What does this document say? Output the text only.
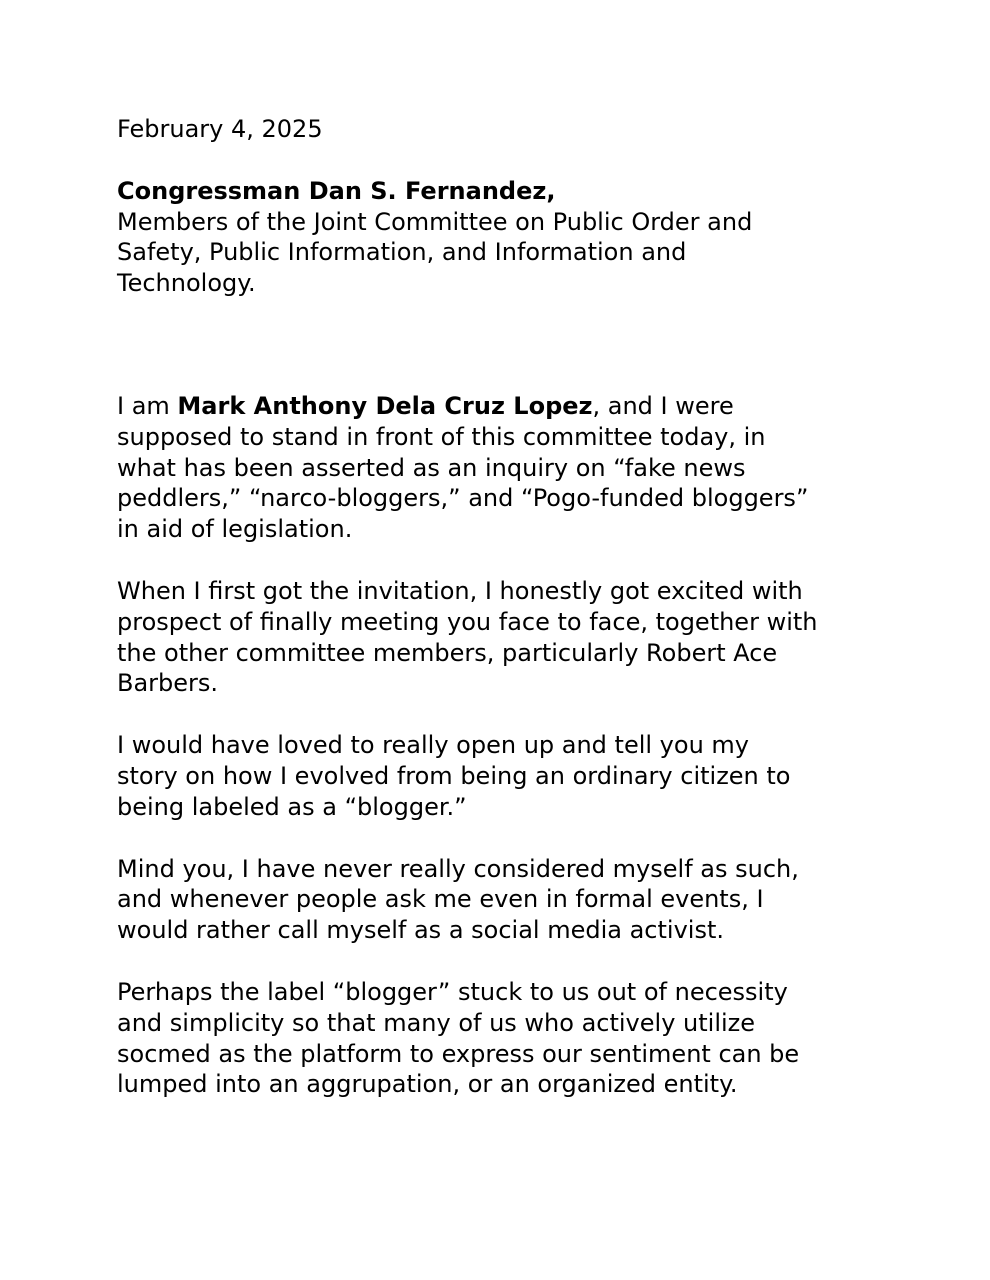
February 4, 2025

Congressman Dan S. Fernandez,
Members of the Joint Committee on Public Order and
Safety, Public Information, and Information and
Technology.

I am Mark Anthony Dela Cruz Lopez, and I were
supposed to stand in front of this committee today, in
what has been asserted as an inquiry on “fake news
peddlers,” “narco-bloggers,” and “Pogo-funded bloggers”
in aid of legislation.

When I first got the invitation, I honestly got excited with
prospect of finally meeting you face to face, together with
the other committee members, particularly Robert Ace
Barbers.

I would have loved to really open up and tell you my
story on how I evolved from being an ordinary citizen to
being labeled as a “blogger.”

Mind you, I have never really considered myself as such,
and whenever people ask me even in formal events, I
would rather call myself as a social media activist.

Perhaps the label “blogger” stuck to us out of necessity
and simplicity so that many of us who actively utilize
socmed as the platform to express our sentiment can be
lumped into an aggrupation, or an organized entity.
